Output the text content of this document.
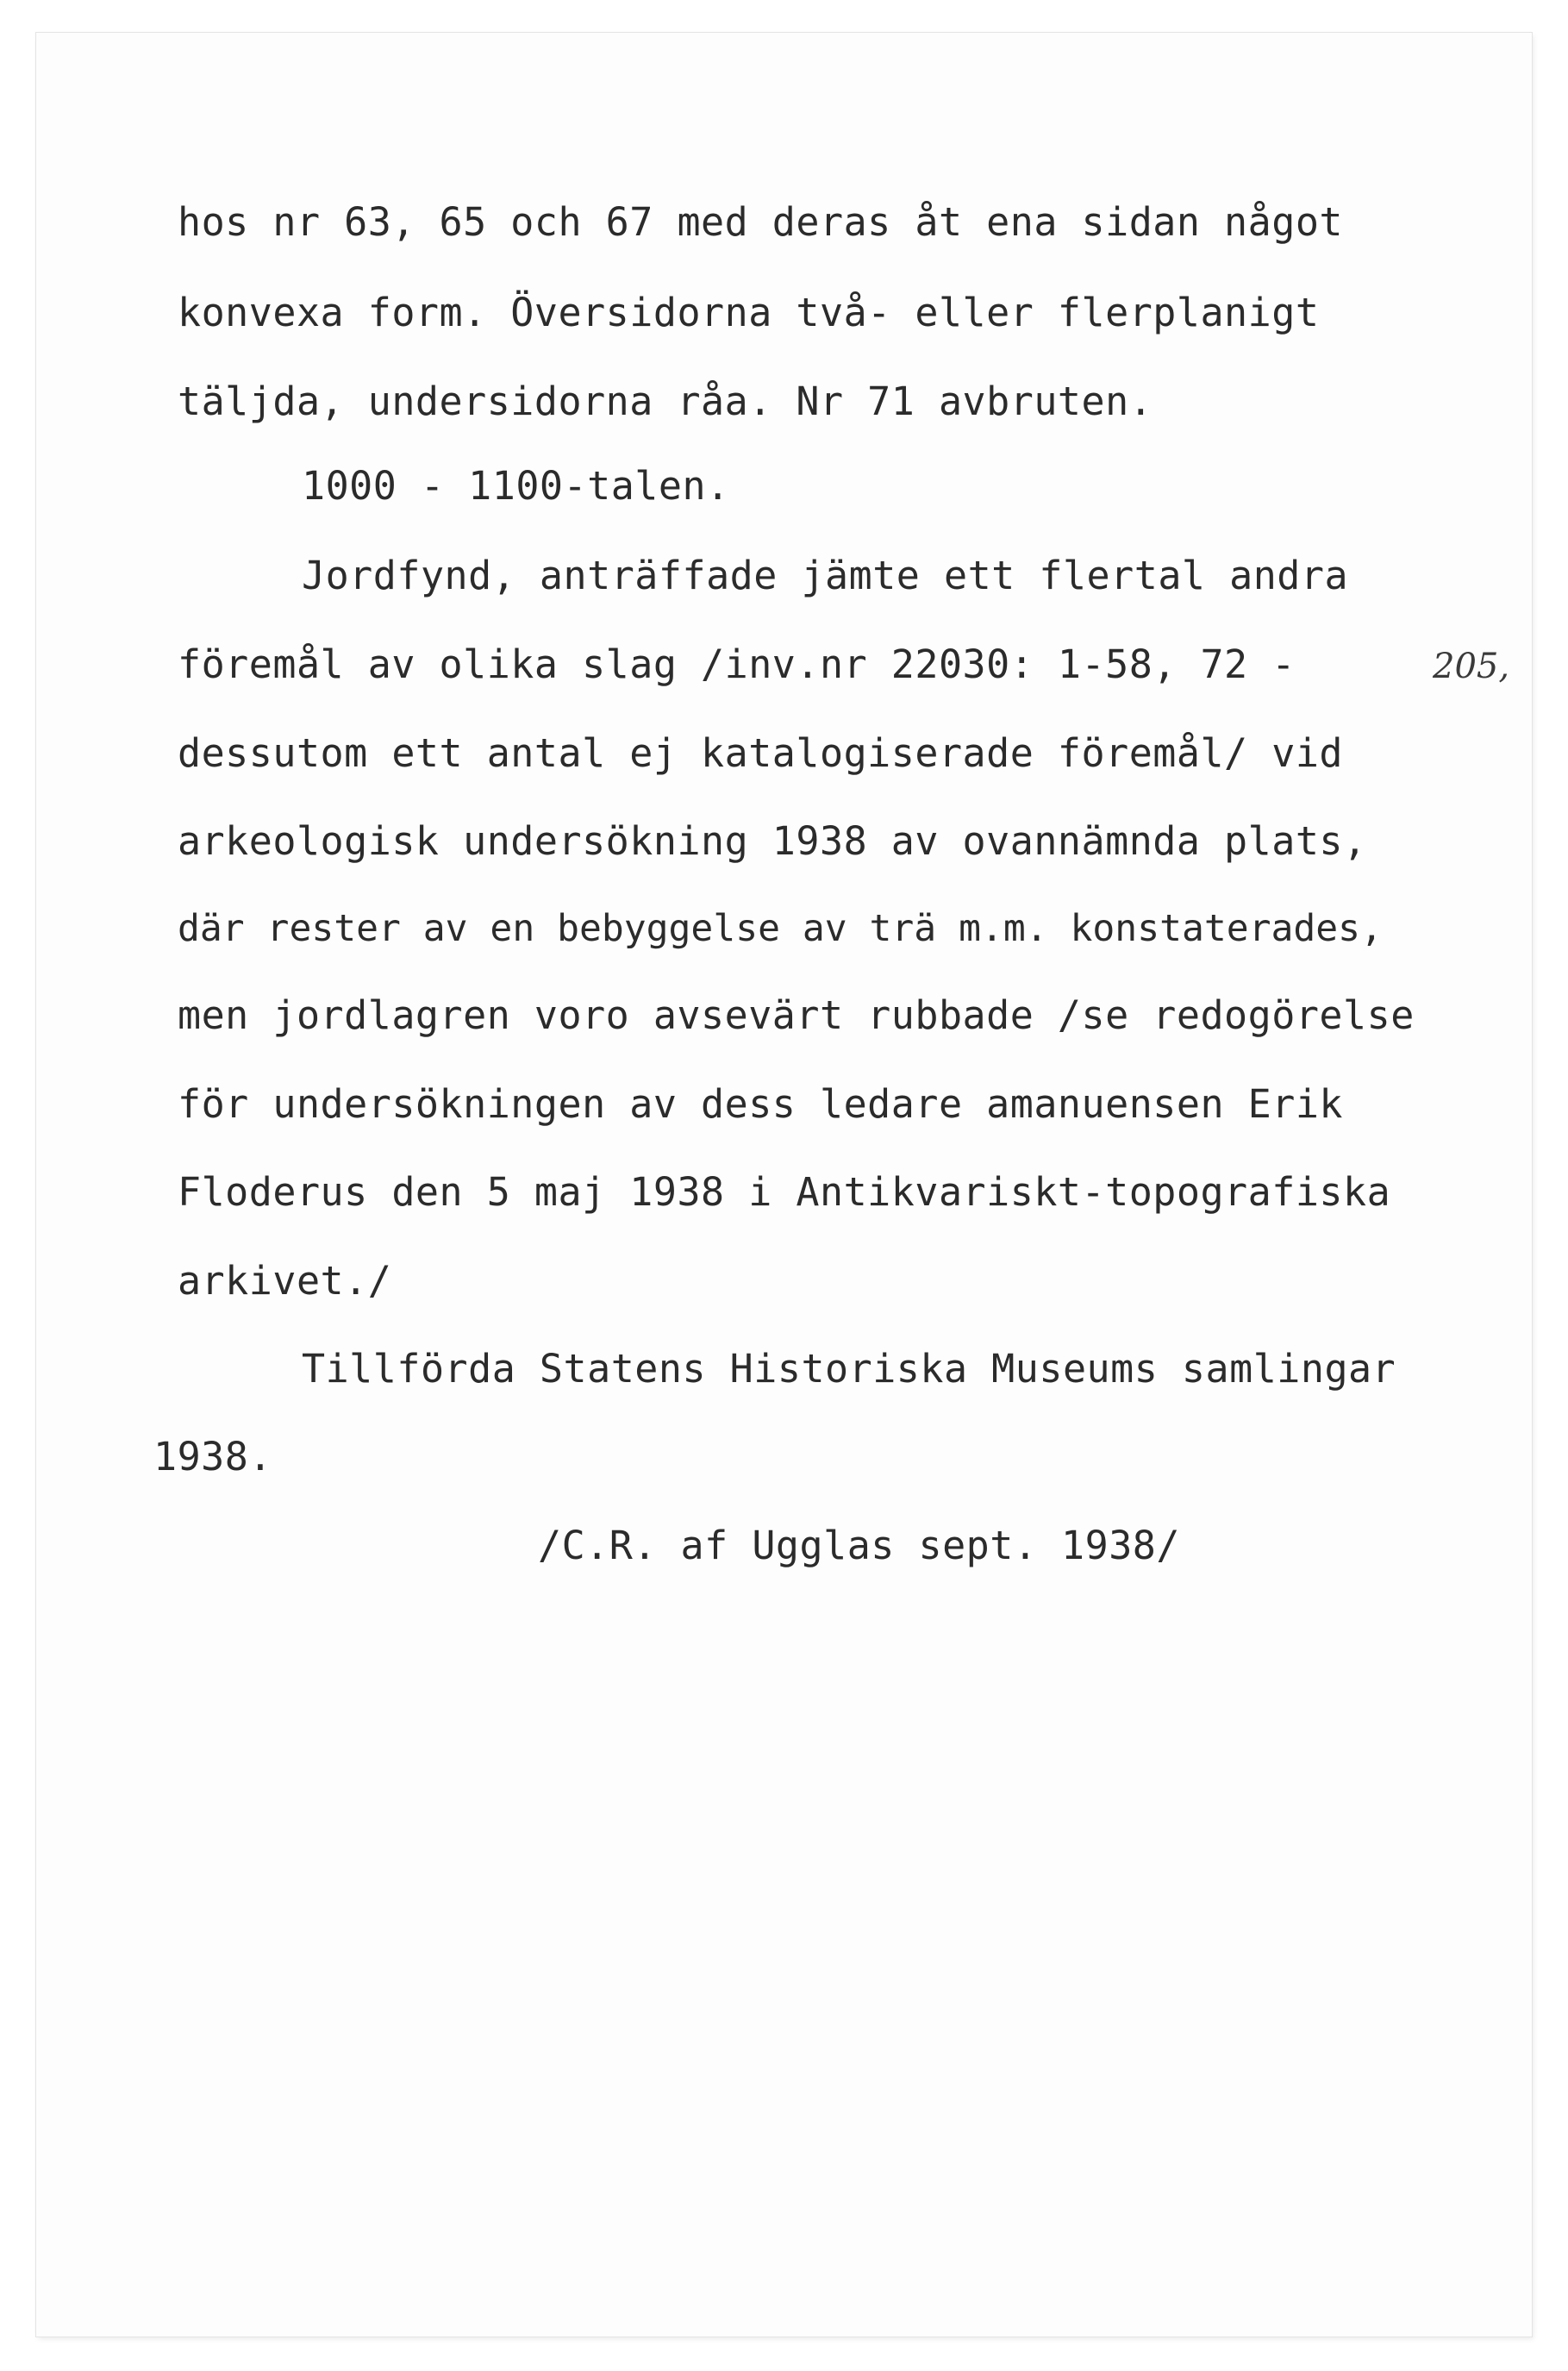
hos nr 63, 65 och 67 med deras åt ena sidan något

konvexa form. Översidorna två- eller flerplanigt

täljda, undersidorna råa. Nr 71 avbruten.

1000 - 1100-talen.

Jordfynd, anträffade jämte ett flertal andra

föremål av olika slag /inv.nr 22030: 1-58, 72 -	205,

dessutom ett antal ej katalogiserade föremål/ vid

arkeologisk undersökning 1938 av ovannämnda plats,

där rester av en bebyggelse av trä m.m. konstaterades,

men jordlagren voro avsevärt rubbade /se redogörelse

för undersökningen av dess ledare amanuensen Erik

Floderus den 5 maj 1938 i Antikvariskt-topografiska

arkivet./

Tillförda Statens Historiska Museums samlingar

1938.

/C.R. af Ugglas sept. 1938/
